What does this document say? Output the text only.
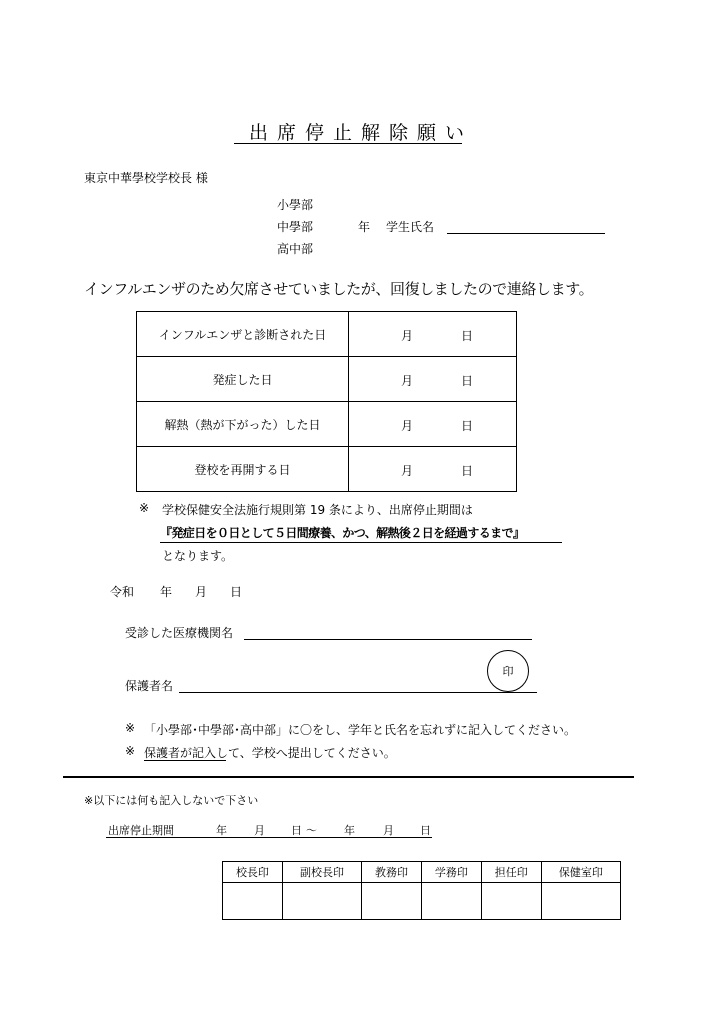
出席停止解除願い
東京中華學校学校長 様
小學部
中學部
高中部
年 学生氏名
インフルエンザのため欠席させていましたが、回復しましたので連絡します。
インフルエンザと診断された日	月 日

発症した日	月 日

解熱（熱が下がった）した日	月 日

登校を再開する日	月 日
※ 学校保健安全法施行規則第 19 条により、出席停止期間は
『発症日を０日として５日間療養、かつ、解熱後２日を経過するまで』
となります。
令和 年 月 日
受診した医療機関名
保護者名
印
※ 「小學部･中學部･高中部」に〇をし、学年と氏名を忘れずに記入してください。
※ 保護者が記入して、学校へ提出してください。
※以下には何も記入しないで下さい
出席停止期間	年 月 日 ～ 年	月 日
校長印	副校長印	教務印	学務印	担任印	保健室印
